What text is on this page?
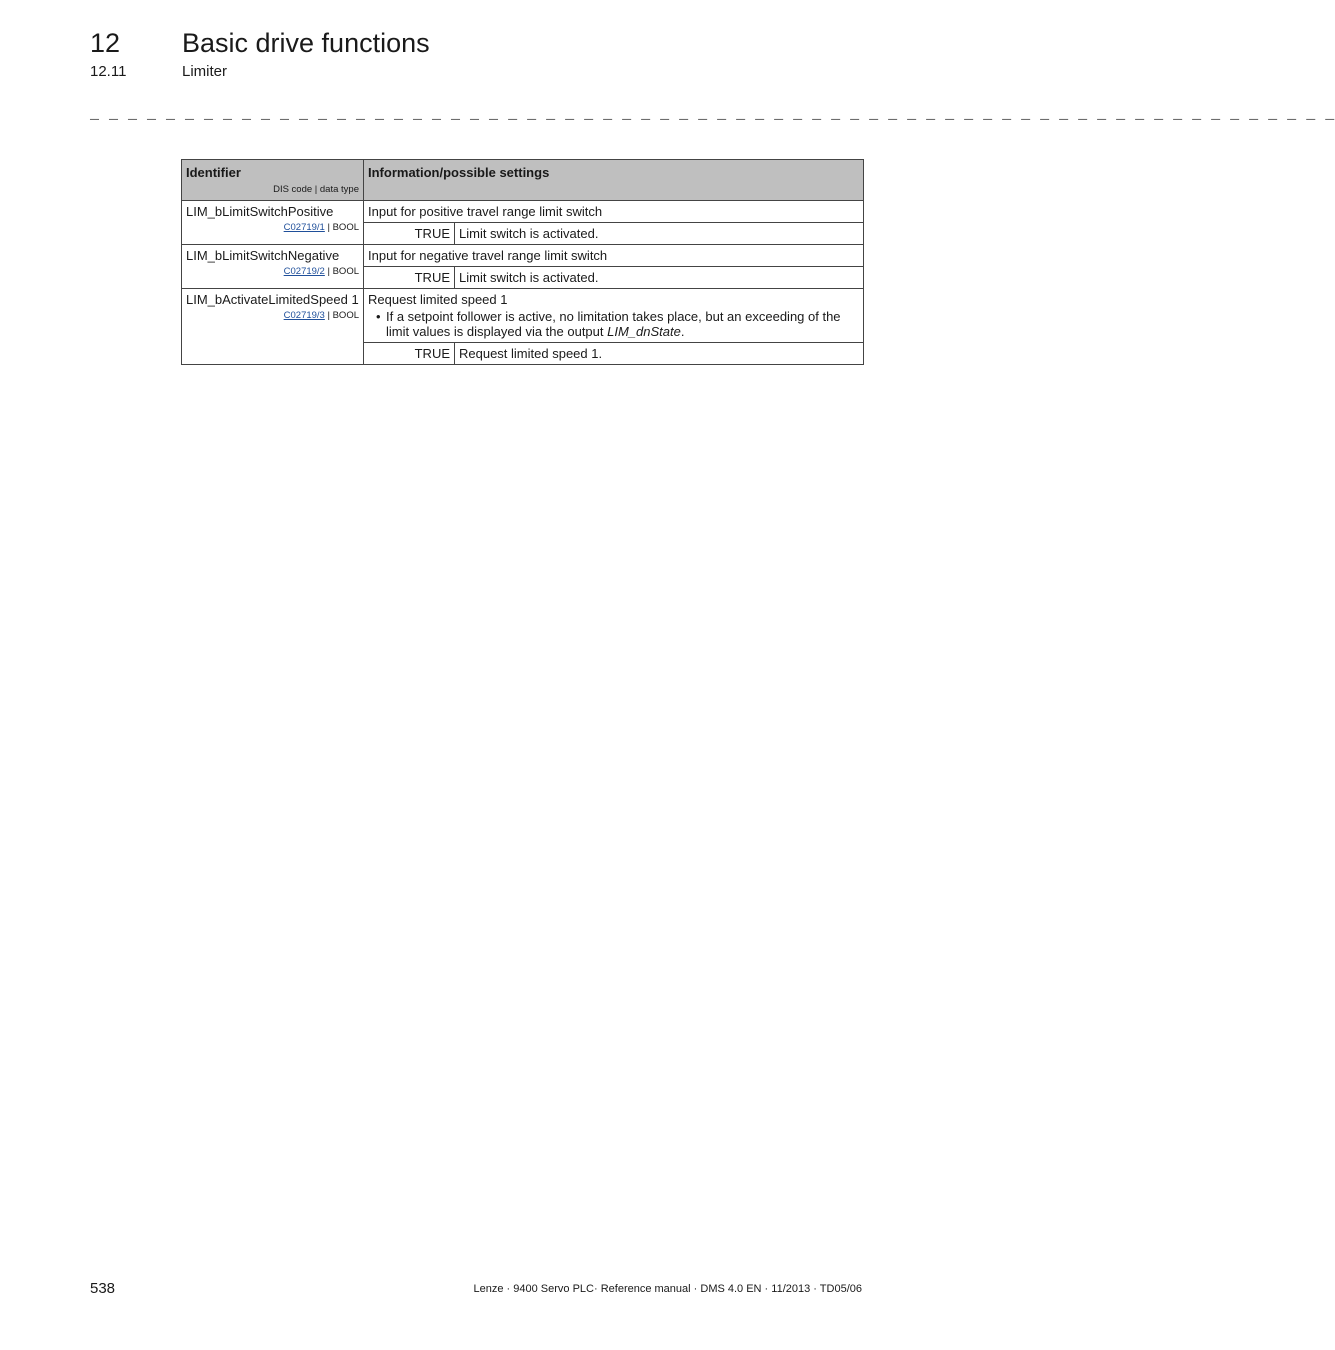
12 Basic drive functions
12.11	Limiter
_ _ _ _ _ _ _ _ _ _ _ _ _ _ _ _ _ _ _ _ _ _ _ _ _ _ _ _ _ _ _ _ _ _ _ _ _ _ _ _ _ _ _ _ _ _ _ _ _ _ _ _ _ _ _ _ _ _ _ _ _ _ _ _ _ _
Identifier
DIS code | data type	Information/possible settings	
LIM_bLimitSwitchPositive
C02719/1 | BOOL	Input for positive travel range limit switch	
	TRUE	Limit switch is activated.
LIM_bLimitSwitchNegative
C02719/2 | BOOL	Input for negative travel range limit switch	
	TRUE	Limit switch is activated.
LIM_bActivateLimitedSpeed 1
C02719/3 | BOOL	Request limited speed 1
• If a setpoint follower is active, no limitation takes place, but an exceeding of the limit values is displayed via the output LIM_dnState.	

	TRUE	Request limited speed 1.
538	Lenze · 9400 Servo PLC· Reference manual · DMS 4.0 EN · 11/2013 · TD05/06
